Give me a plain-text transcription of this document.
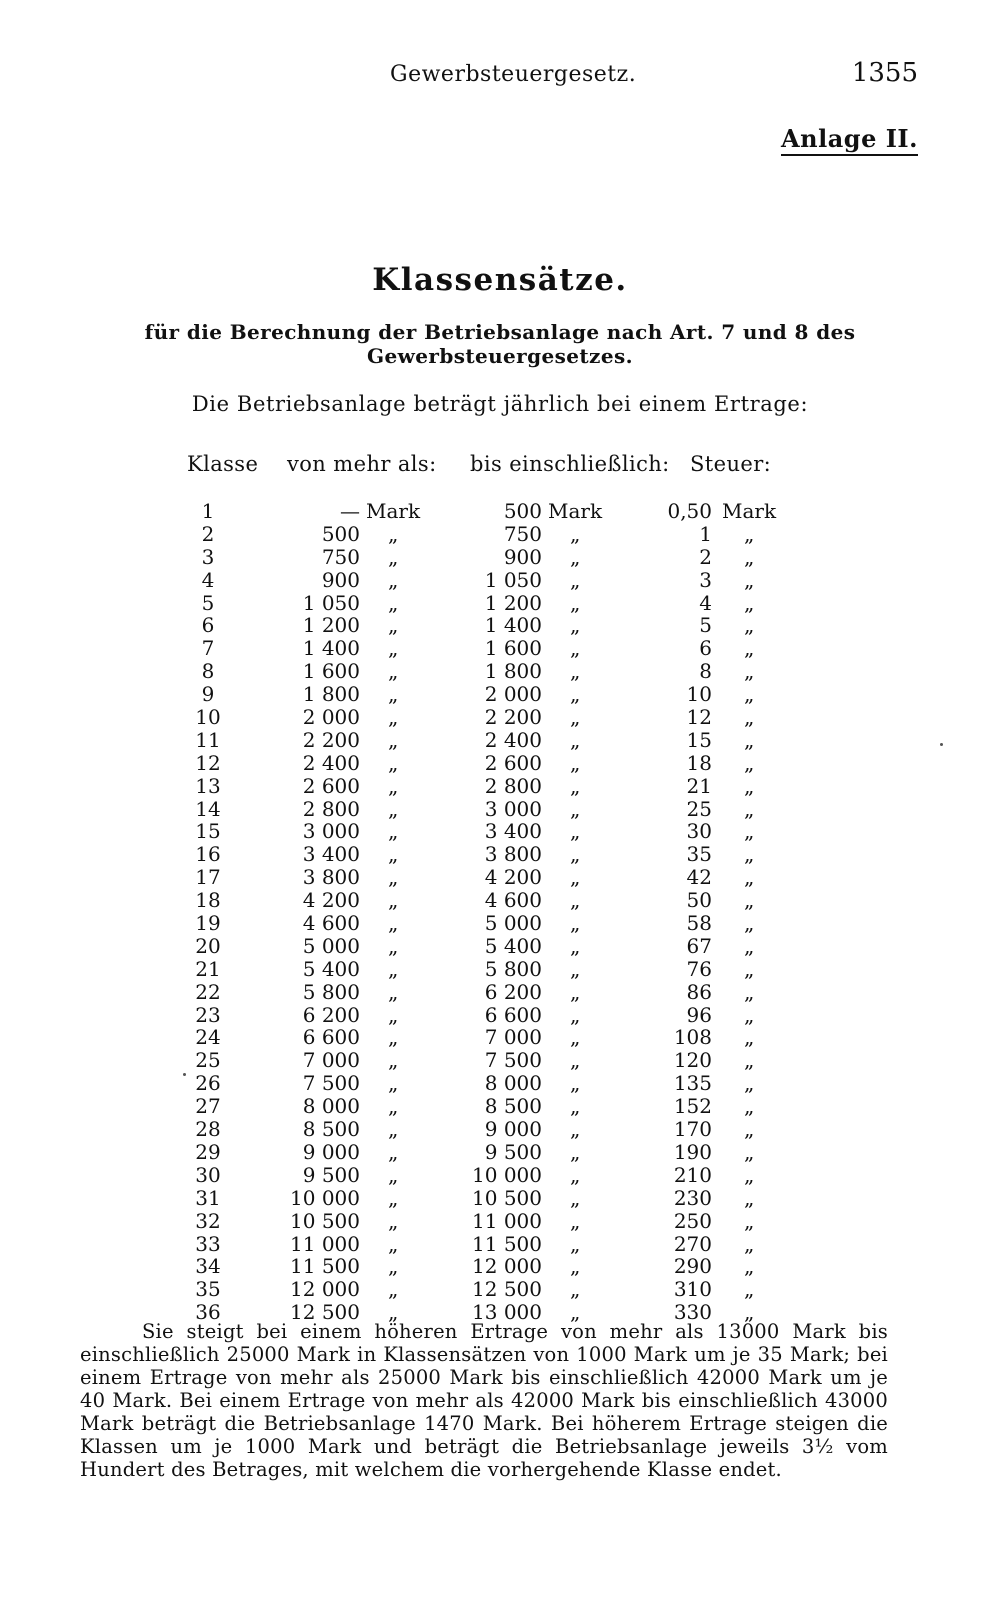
Gewerbsteuergesetz.	1355
Anlage II.
Klassensätze.
für die Berechnung der Betriebsanlage nach Art. 7 und 8 des Gewerbsteuergesetzes.
Die Betriebsanlage beträgt jährlich bei einem Ertrage:
Klasse von mehr als: bis einschließlich: Steuer:
1	— Mark	500 Mark	0,50 Mark
2	500	„	750	„	1	„
3	750	„	900	„	2	„
4	900	„	1 050	„	3	„
5	1 050	„	1 200	„	4	„
6	1 200	„	1 400	„	5	„
7	1 400	„	1 600	„	6	„
8	1 600	„	1 800	„	8	„
9	1 800	„	2 000	„	10	„
10	2 000	„	2 200	„	12	„
11	2 200	„	2 400	„	15	„
12	2 400	„	2 600	„	18	„
13	2 600	„	2 800	„	21	„
14	2 800	„	3 000	„	25	„
15	3 000	„	3 400	„	30	„
16	3 400	„	3 800	„	35	„
17	3 800	„	4 200	„	42	„
18	4 200	„	4 600	„	50	„
19	4 600	„	5 000	„	58	„
20	5 000	„	5 400	„	67	„
21	5 400	„	5 800	„	76	„
22	5 800	„	6 200	„	86	„
23	6 200	„	6 600	„	96	„
24	6 600	„	7 000	„	108	„
25	7 000	„	7 500	„	120	„
26	7 500	„	8 000	„	135	„
27	8 000	„	8 500	„	152	„
28	8 500	„	9 000	„	170	„
29	9 000	„	9 500	„	190	„
30	9 500	„	10 000	„	210	„
31	10 000	„	10 500	„	230	„
32	10 500	„	11 000	„	250	„
33	11 000	„	11 500	„	270	„
34	11 500	„	12 000	„	290	„
35	12 000	„	12 500	„	310	„
36	12 500	„	13 000	„	330	„

Sie steigt bei einem höheren Ertrage von mehr als 13000 Mark bis einschließlich 25000 Mark in Klassensätzen von 1000 Mark um je 35 Mark; bei einem Ertrage von mehr als 25000 Mark bis einschließlich 42000 Mark um je 40 Mark. Bei einem Ertrage von mehr als 42000 Mark bis einschließlich 43000 Mark beträgt die Betriebsanlage 1470 Mark. Bei höherem Ertrage steigen die Klassen um je 1000 Mark und beträgt die Betriebsanlage jeweils 3½ vom Hundert des Betrages, mit welchem die vorhergehende Klasse endet.
